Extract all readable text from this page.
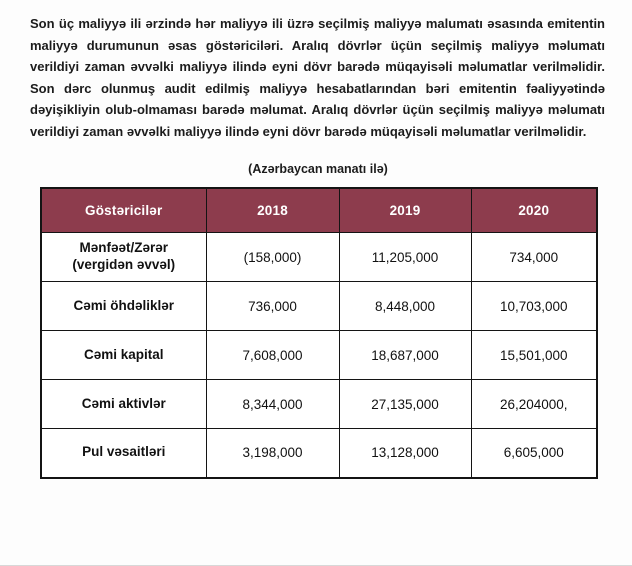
Son üç maliyyə ili ərzində hər maliyyə ili üzrə seçilmiş maliyyə malumatı əsasında emitentin maliyyə durumunun əsas göstəriciləri. Aralıq dövrlər üçün seçilmiş maliyyə məlumatı verildiyi zaman əvvəlki maliyyə ilində eyni dövr barədə müqayisəli məlumatlar verilməlidir. Son dərc olunmuş audit edilmiş maliyyə hesabatlarından bəri emitentin fəaliyyətində dəyişikliyin olub-olmaması barədə məlumat. Aralıq dövrlər üçün seçilmiş maliyyə məlumatı verildiyi zaman əvvəlki maliyyə ilində eyni dövr barədə müqayisəli məlumatlar verilməlidir.

(Azərbaycan manatı ilə)
Göstəricilər	2018	2019	2020
Mənfəət/Zərər (vergidən əvvəl)	(158,000)	11,205,000	734,000
Cəmi öhdəliklər	736,000	8,448,000	10,703,000
Cəmi kapital	7,608,000	18,687,000	15,501,000
Cəmi aktivlər	8,344,000	27,135,000	26,204000,
Pul vəsaitləri	3,198,000	13,128,000	6,605,000
